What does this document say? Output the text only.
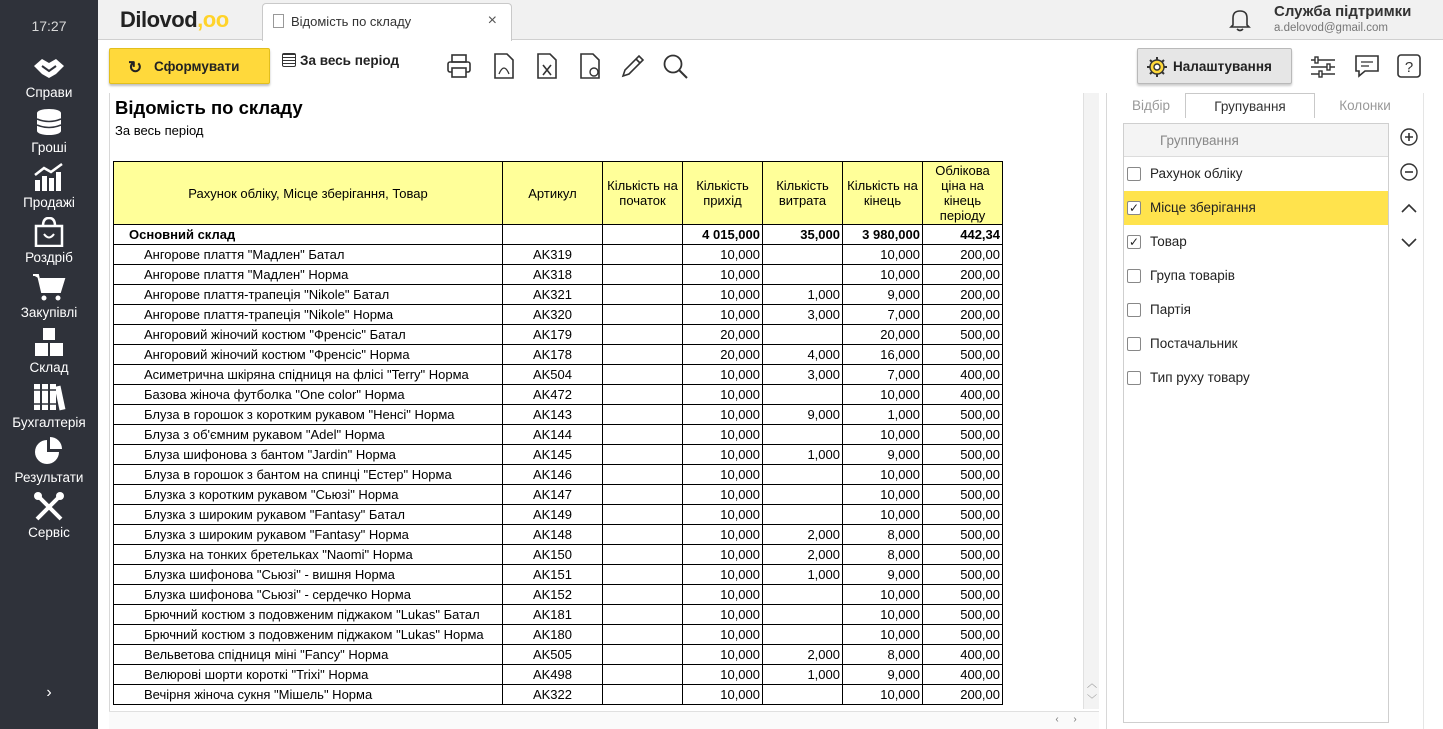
17:27
Справи
Гроші
Продажі
Роздріб
Закупівлі
Склад
Бухгалтерія
Результати
Сервіс
›
Dilovod,oo	Відомість по складу	×
Служба підтримки
a.delovod@gmail.com
↻ Сформувати	За весь період	Налаштування	?
Відомість по складу
За весь період
Рахунок обліку, Місце зберігання, Товар	Артикул	Кількість на початок	Кількість прихід	Кількість витрата	Кількість на кінець	Облікова ціна на кінець періоду
Основний склад			4 015,000	35,000	3 980,000	442,34
Ангорове плаття "Мадлен" Батал	AK319		10,000		10,000	200,00
Ангорове плаття "Мадлен" Норма	AK318		10,000		10,000	200,00
Ангорове плаття-трапеція "Nikole" Батал	AK321		10,000	1,000	9,000	200,00
Ангорове плаття-трапеція "Nikole" Норма	AK320		10,000	3,000	7,000	200,00
Ангоровий жіночий костюм "Френсіс" Батал	AK179		20,000		20,000	500,00
Ангоровий жіночий костюм "Френсіс" Норма	AK178		20,000	4,000	16,000	500,00
Асиметрична шкіряна спідниця на флісі "Terry" Норма	AK504		10,000	3,000	7,000	400,00
Базова жіноча футболка "One color" Норма	AK472		10,000		10,000	400,00
Блуза в горошок з коротким рукавом "Ненсі" Норма	AK143		10,000	9,000	1,000	500,00
Блуза з об'ємним рукавом "Adel" Норма	AK144		10,000		10,000	500,00
Блуза шифонова з бантом "Jardin" Норма	AK145		10,000	1,000	9,000	500,00
Блуза в горошок з бантом на спинці "Естер" Норма	AK146		10,000		10,000	500,00
Блузка з коротким рукавом "Сьюзі" Норма	AK147		10,000		10,000	500,00
Блузка з широким рукавом "Fantasy" Батал	AK149		10,000		10,000	500,00
Блузка з широким рукавом "Fantasy" Норма	AK148		10,000	2,000	8,000	500,00
Блузка на тонких бретельках "Naomi" Норма	AK150		10,000	2,000	8,000	500,00
Блузка шифонова "Сьюзі" - вишня Норма	AK151		10,000	1,000	9,000	500,00
Блузка шифонова "Сьюзі" - сердечко Норма	AK152		10,000		10,000	500,00
Брючний костюм з подовженим піджаком "Lukas" Батал	AK181		10,000		10,000	500,00
Брючний костюм з подовженим піджаком "Lukas" Норма	AK180		10,000		10,000	500,00
Вельветова спідниця міні "Fancy" Норма	AK505		10,000	2,000	8,000	400,00
Велюрові шорти короткі "Trixi" Норма	AK498		10,000	1,000	9,000	400,00
Вечірня жіноча сукня "Мішель" Норма	AK322		10,000		10,000	200,00
︿
﹀
‹	›
Відбір	Групування	Колонки
Группування
Рахунок обліку
✓ Місце зберігання
✓ Товар
Група товарів
Партія
Постачальник
Тип руху товару
